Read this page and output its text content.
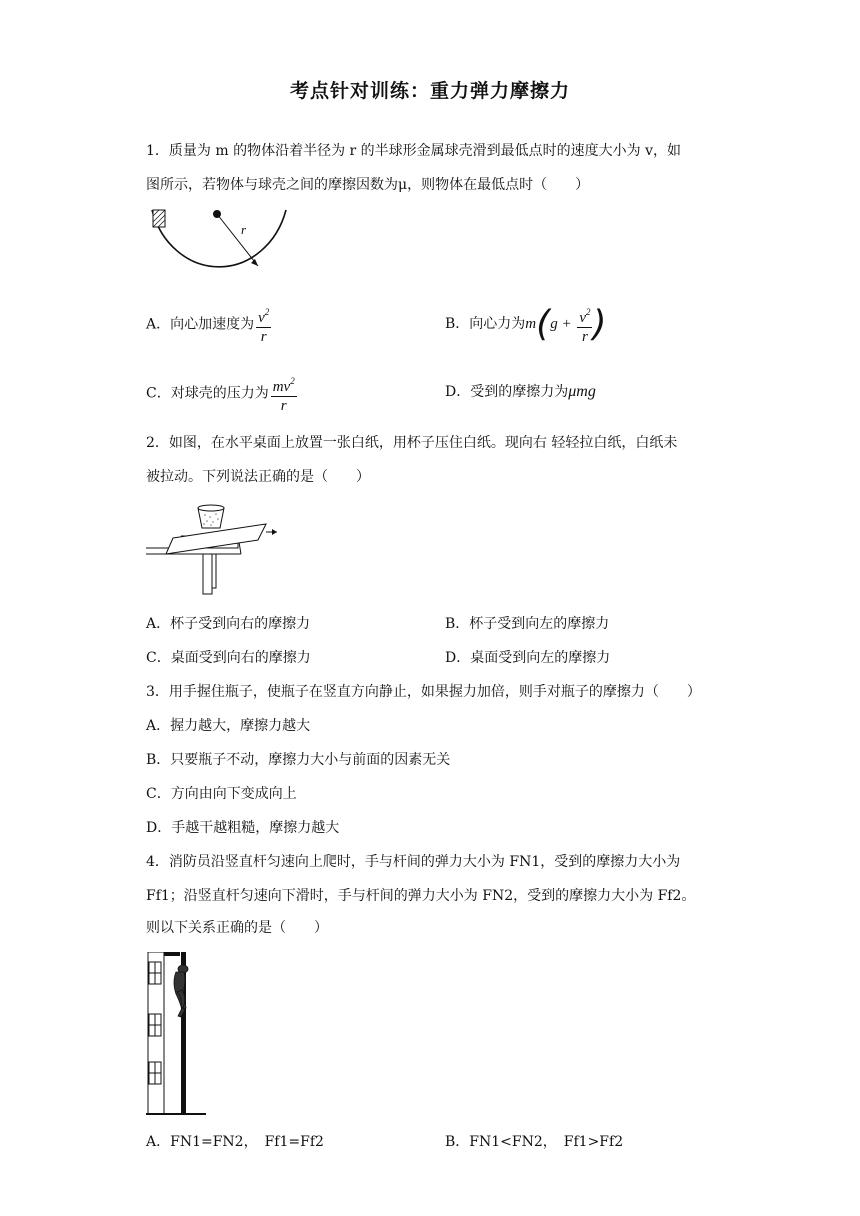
考点针对训练：重力弹力摩擦力
1．质量为 m 的物体沿着半径为 r 的半球形金属球壳滑到最低点时的速度大小为 v，如
图所示，若物体与球壳之间的摩擦因数为μ，则物体在最低点时（　　）
r
A．向心加速度为 $\frac{v^2}{r}$	B．向心力为$m(g + \frac{v^2}{r}$ )
C．对球壳的压力为 $\frac{mv^2}{r}$	D．受到的摩擦力为μmg
2．如图，在水平桌面上放置一张白纸，用杯子压住白纸。现向右 轻轻拉白纸，白纸未
被拉动。下列说法正确的是（　　）
A．杯子受到向右的摩擦力	B．杯子受到向左的摩擦力
C．桌面受到向右的摩擦力	D．桌面受到向左的摩擦力
3．用手握住瓶子，使瓶子在竖直方向静止，如果握力加倍，则手对瓶子的摩擦力（　　）
A．握力越大，摩擦力越大
B．只要瓶子不动，摩擦力大小与前面的因素无关
C．方向由向下变成向上
D．手越干越粗糙，摩擦力越大
4．消防员沿竖直杆匀速向上爬时，手与杆间的弹力大小为 FN1，受到的摩擦力大小为
Ff1；沿竖直杆匀速向下滑时，手与杆间的弹力大小为 FN2，受到的摩擦力大小为 Ff2。
则以下关系正确的是（　　）
A．FN1=FN2，　Ff1=Ff2	B．FN1<FN2，　Ff1>Ff2
